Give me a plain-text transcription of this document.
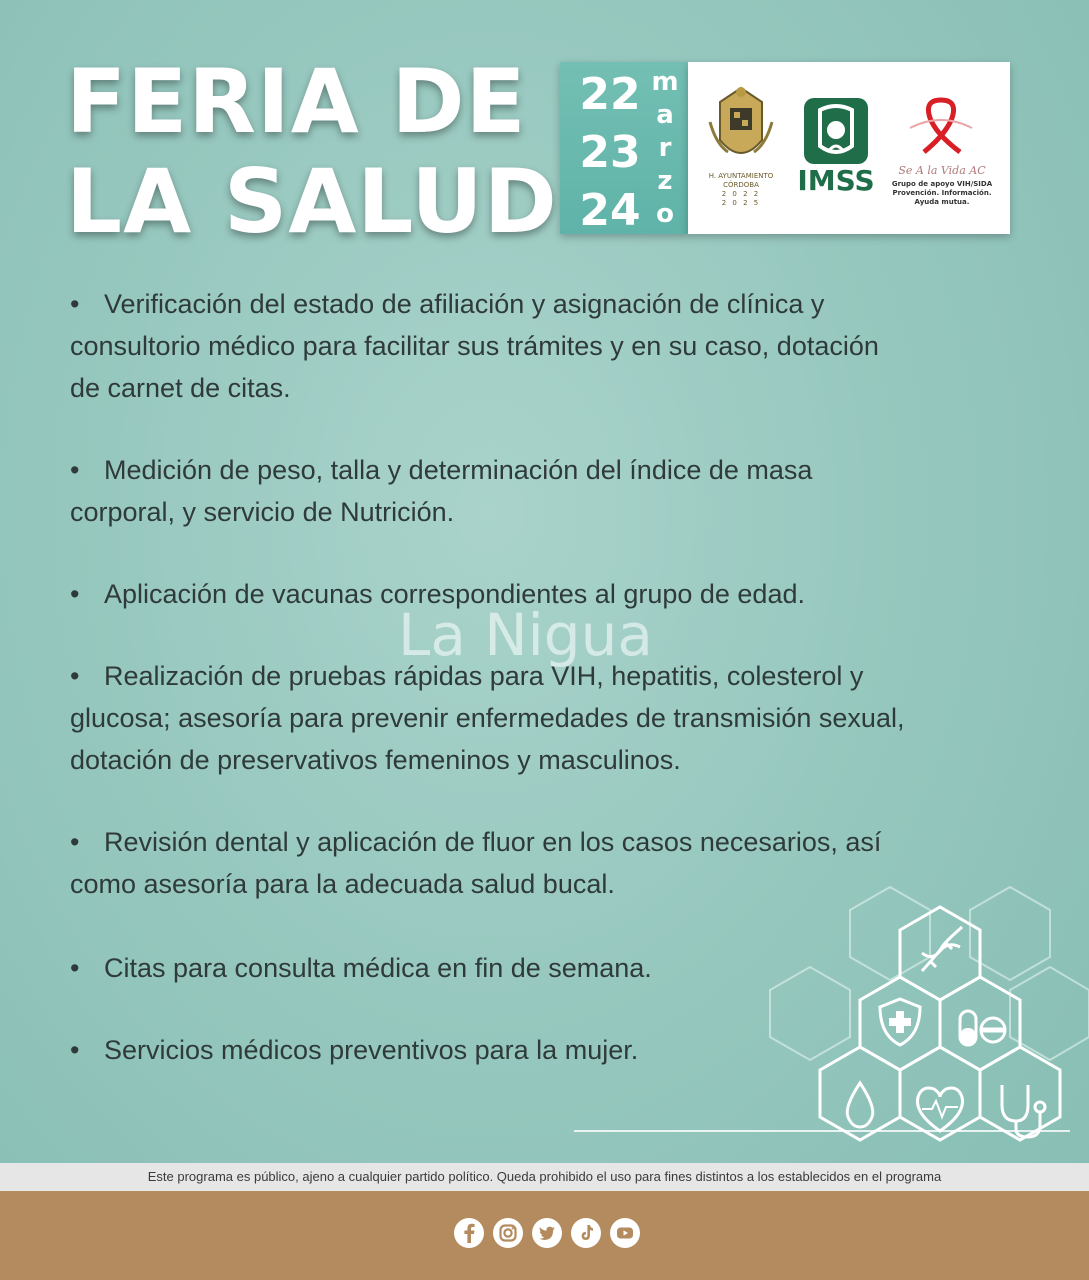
FERIA DE
LA SALUD
22
23
24
m
a
r
z
o
H. AYUNTAMIENTO
CÓRDOBA
2 0 2 2
2 0 2 5
IMSS	Se A la Vida AC
Grupo de apoyo VIH/SIDA
Provención. Información.
Ayuda mutua.
• Verificación del estado de afiliación y asignación de clínica y
consultorio médico para facilitar sus trámites y en su caso, dotación
de carnet de citas.
• Medición de peso, talla y determinación del índice de masa
corporal, y servicio de Nutrición.
• Aplicación de vacunas correspondientes al grupo de edad.
• Realización de pruebas rápidas para VIH, hepatitis, colesterol y
glucosa; asesoría para prevenir enfermedades de transmisión sexual,
dotación de preservativos femeninos y masculinos.
• Revisión dental y aplicación de fluor en los casos necesarios, así
como asesoría para la adecuada salud bucal.
• Citas para consulta médica en fin de semana.
• Servicios médicos preventivos para la mujer.
La Nigua
Este programa es público, ajeno a cualquier partido político. Queda prohibido el uso para fines distintos a los establecidos en el programa
